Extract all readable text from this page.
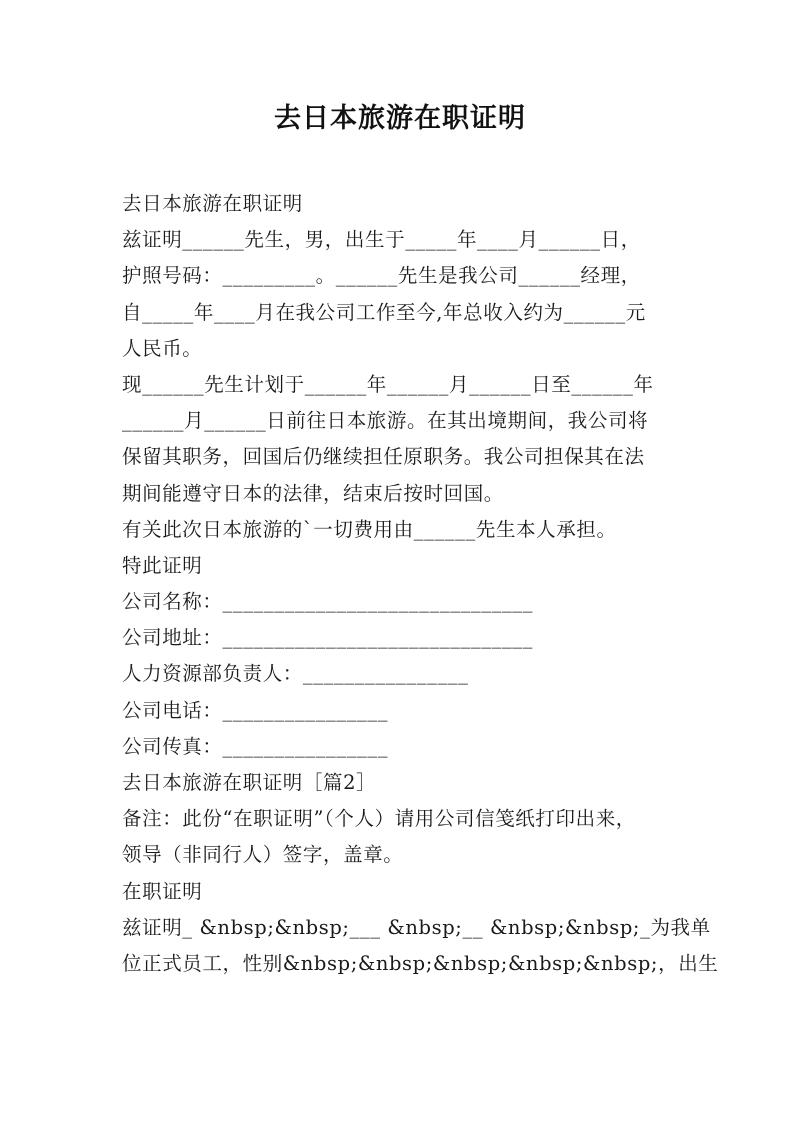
去日本旅游在职证明
去日本旅游在职证明
兹证明______先生，男，出生于_____年____月______日，
护照号码：_________。______先生是我公司______经理，
自_____年____月在我公司工作至今,年总收入约为______元
人民币。
现______先生计划于______年______月______日至______年
______月______日前往日本旅游。在其出境期间，我公司将
保留其职务，回国后仍继续担任原职务。我公司担保其在法
期间能遵守日本的法律，结束后按时回国。
有关此次日本旅游的`一切费用由______先生本人承担。
特此证明
公司名称：______________________________
公司地址：______________________________
人力资源部负责人：________________
公司电话：________________
公司传真：________________
去日本旅游在职证明［篇2］
备注：此份“在职证明”（个人）请用公司信笺纸打印出来，
领导（非同行人）签字，盖章。
在职证明
兹证明_ &nbsp;&nbsp;___ &nbsp;__ &nbsp;&nbsp;_为我单
位正式员工，性别&nbsp;&nbsp;&nbsp;&nbsp;&nbsp;，出生
